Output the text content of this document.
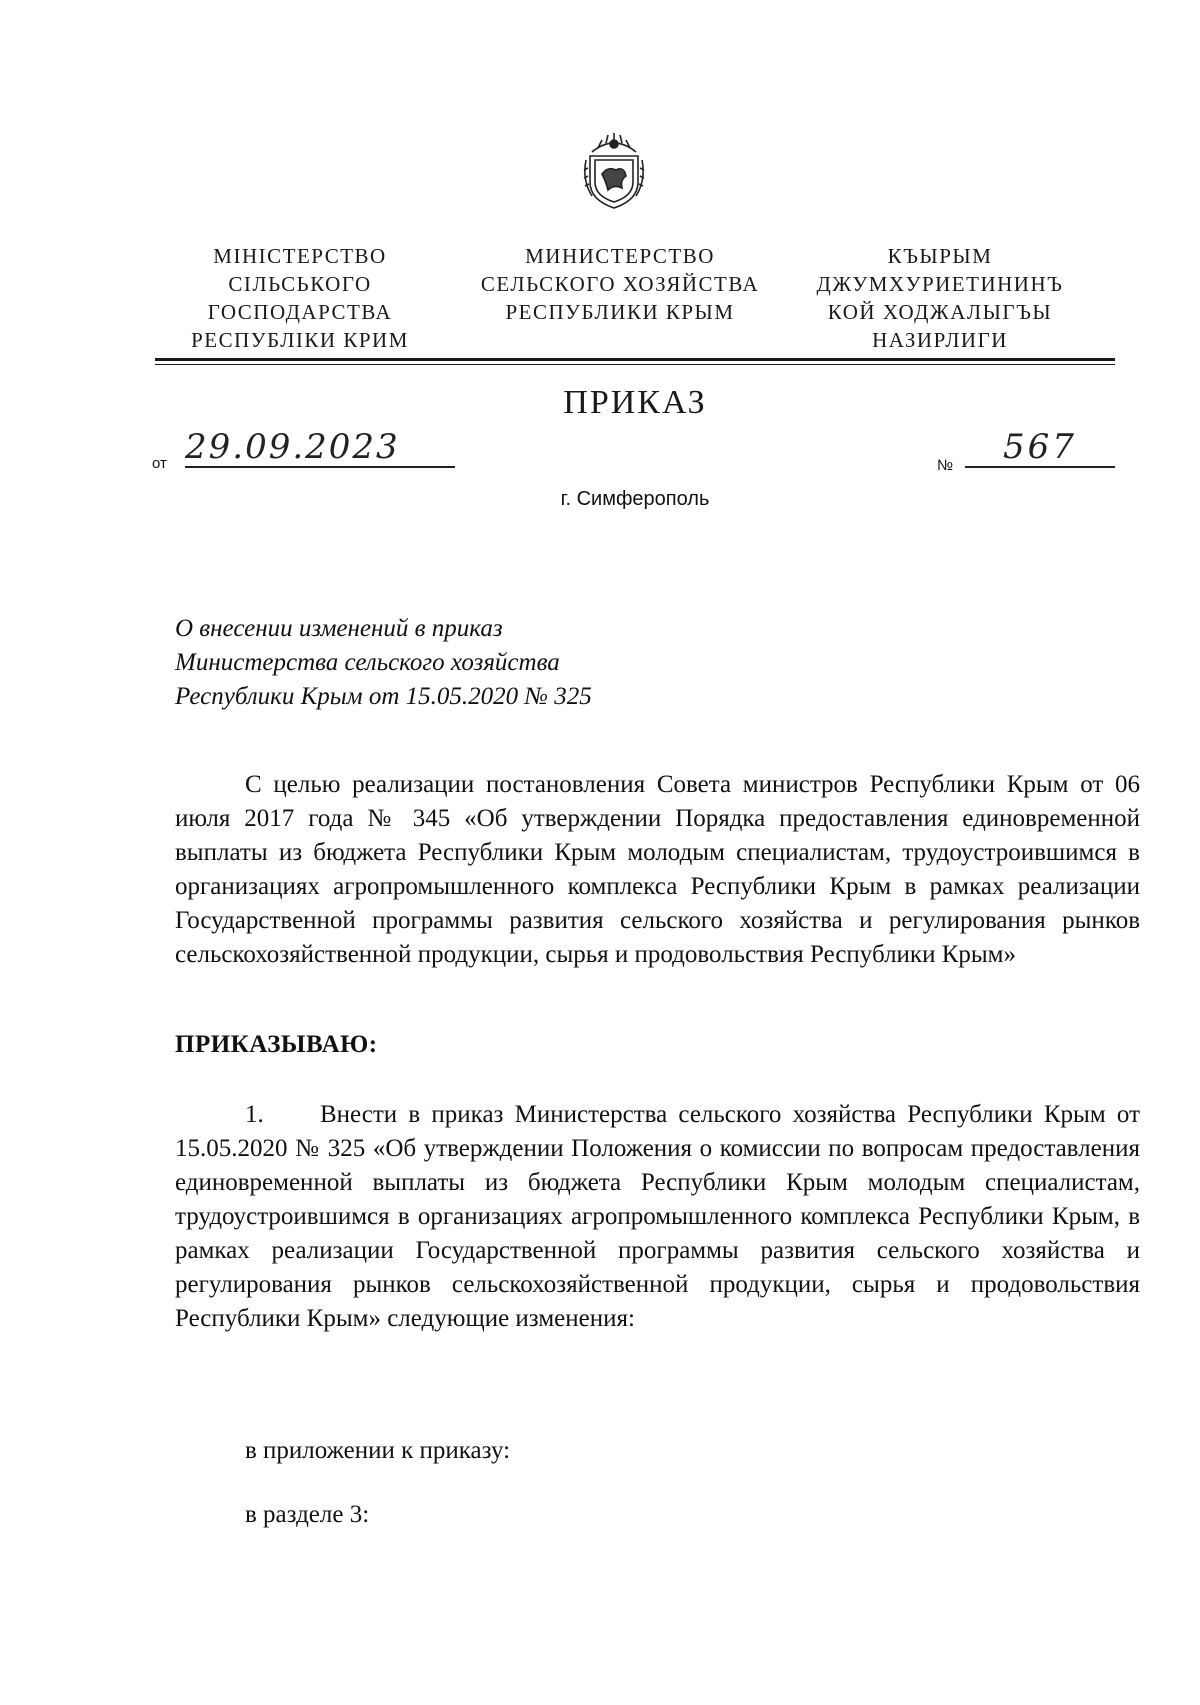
МІНІСТЕРСТВО
СІЛЬСЬКОГО
ГОСПОДАРСТВА
РЕСПУБЛІКИ КРИМ
МИНИСТЕРСТВО
СЕЛЬСКОГО ХОЗЯЙСТВА
РЕСПУБЛИКИ КРЫМ
КЪЫРЫМ
ДЖУМХУРИЕТИНИНЪ
КОЙ ХОДЖАЛЫГЪЫ
НАЗИРЛИГИ
ПРИКАЗ
от 29.09.2023	№	567
г. Симферополь
О внесении изменений в приказ
Министерства сельского хозяйства
Республики Крым от 15.05.2020 № 325
С целью реализации постановления Совета министров Республики Крым от 06 июля 2017 года № 345 «Об утверждении Порядка предоставления единовременной выплаты из бюджета Республики Крым молодым специалистам, трудоустроившимся в организациях агропромышленного комплекса Республики Крым в рамках реализации Государственной программы развития сельского хозяйства и регулирования рынков сельскохозяйственной продукции, сырья и продовольствия Республики Крым»
ПРИКАЗЫВАЮ:
1. Внести в приказ Министерства сельского хозяйства Республики Крым от 15.05.2020 № 325 «Об утверждении Положения о комиссии по вопросам предоставления единовременной выплаты из бюджета Республики Крым молодым специалистам, трудоустроившимся в организациях агропромышленного комплекса Республики Крым, в рамках реализации Государственной программы развития сельского хозяйства и регулирования рынков сельскохозяйственной продукции, сырья и продовольствия Республики Крым» следующие изменения:
в приложении к приказу:
в разделе 3:
